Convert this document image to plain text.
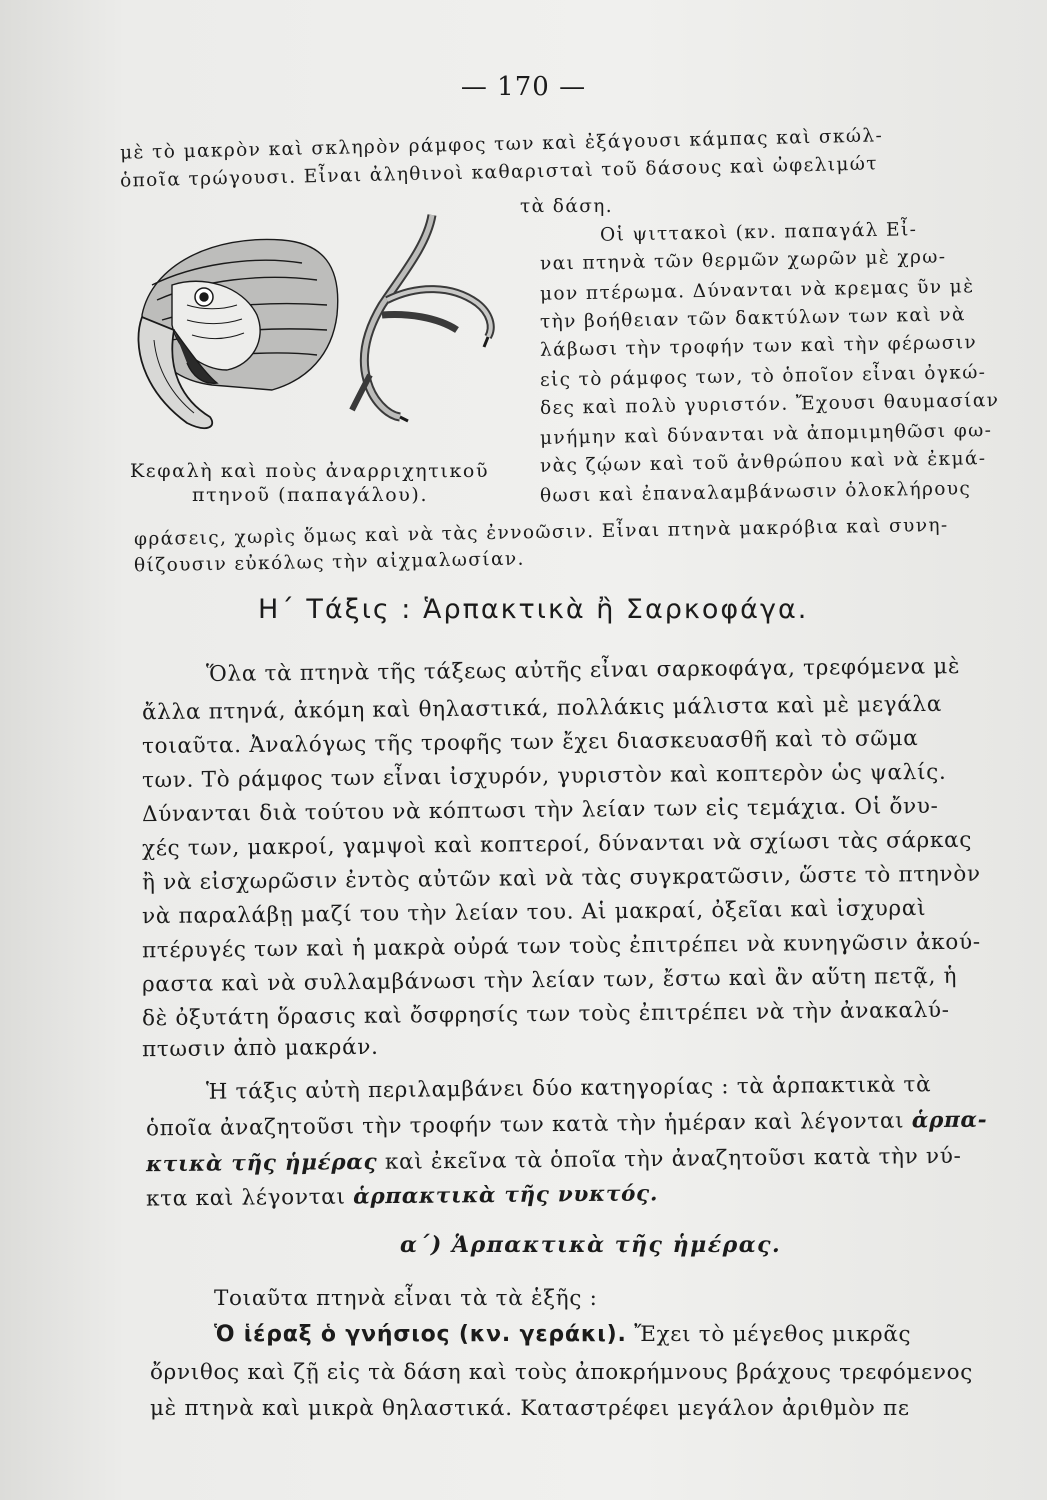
— 170 —
μὲ τὸ μακρὸν καὶ σκληρὸν ράμφος των καὶ ἐξάγουσι κάμπας καὶ σκώλ-
ὁποῖα τρώγουσι. Εἶναι ἀληθινοὶ καθαρισταὶ τοῦ δάσους καὶ ὠφελιμώτ
Κεφαλὴ καὶ ποὺς ἀναρριχητικοῦ
πτηνοῦ (παπαγάλου).
τὰ δάση.
Οἱ ψιττακοὶ (κν. παπαγάλ Εἶ-
ναι πτηνὰ τῶν θερμῶν χωρῶν μὲ χρω-
μον πτέρωμα. Δύνανται νὰ κρεμας ῦν μὲ
τὴν βοήθειαν τῶν δακτύλων των καὶ νὰ
λάβωσι τὴν τροφήν των καὶ τὴν φέρωσιν
εἰς τὸ ράμφος των, τὸ ὁποῖον εἶναι ὀγκώ-
δες καὶ πολὺ γυριστόν. Ἔχουσι θαυμασίαν
μνήμην καὶ δύνανται νὰ ἀπομιμηθῶσι φω-
νὰς ζῴων καὶ τοῦ ἀνθρώπου καὶ νὰ ἐκμά-
θωσι καὶ ἐπαναλαμβάνωσιν ὁλοκλήρους
φράσεις, χωρὶς ὅμως καὶ νὰ τὰς ἐννοῶσιν. Εἶναι πτηνὰ μακρόβια καὶ συνη-
θίζουσιν εὐκόλως τὴν αἰχμαλωσίαν.
Η΄ Τάξις : Ἁρπακτικὰ ἢ Σαρκοφάγα.
Ὅλα τὰ πτηνὰ τῆς τάξεως αὐτῆς εἶναι σαρκοφάγα, τρεφόμενα μὲ
ἄλλα πτηνά, ἀκόμη καὶ θηλαστικά, πολλάκις μάλιστα καὶ μὲ μεγάλα
τοιαῦτα. Ἀναλόγως τῆς τροφῆς των ἔχει διασκευασθῆ καὶ τὸ σῶμα
των. Τὸ ράμφος των εἶναι ἰσχυρόν, γυριστὸν καὶ κοπτερὸν ὡς ψαλίς.
Δύνανται διὰ τούτου νὰ κόπτωσι τὴν λείαν των εἰς τεμάχια. Οἱ ὄνυ-
χές των, μακροί, γαμψοὶ καὶ κοπτεροί, δύνανται νὰ σχίωσι τὰς σάρκας
ἢ νὰ εἰσχωρῶσιν ἐντὸς αὐτῶν καὶ νὰ τὰς συγκρατῶσιν, ὥστε τὸ πτηνὸν
νὰ παραλάβῃ μαζί του τὴν λείαν του. Αἱ μακραί, ὀξεῖαι καὶ ἰσχυραὶ
πτέρυγές των καὶ ἡ μακρὰ οὐρά των τοὺς ἐπιτρέπει νὰ κυνηγῶσιν ἀκού-
ραστα καὶ νὰ συλλαμβάνωσι τὴν λείαν των, ἔστω καὶ ἂν αὕτη πετᾷ, ἡ
δὲ ὀξυτάτη ὅρασις καὶ ὄσφρησίς των τοὺς ἐπιτρέπει νὰ τὴν ἀνακαλύ-
πτωσιν ἀπὸ μακράν.
Ἡ τάξις αὐτὴ περιλαμβάνει δύο κατηγορίας : τὰ ἁρπακτικὰ τὰ
ὁποῖα ἀναζητοῦσι τὴν τροφήν των κατὰ τὴν ἡμέραν καὶ λέγονται ἁρπα-
κτικὰ τῆς ἡμέρας καὶ ἐκεῖνα τὰ ὁποῖα τὴν ἀναζητοῦσι κατὰ τὴν νύ-
κτα καὶ λέγονται ἁρπακτικὰ τῆς νυκτός.
α΄) Ἁρπακτικὰ τῆς ἡμέρας.
Τοιαῦτα πτηνὰ εἶναι τὰ τὰ ἑξῆς :
Ὁ ἱέραξ ὁ γνήσιος (κν. γεράκι). Ἔχει τὸ μέγεθος μικρᾶς
ὄρνιθος καὶ ζῇ εἰς τὰ δάση καὶ τοὺς ἀποκρήμνους βράχους τρεφόμενος
μὲ πτηνὰ καὶ μικρὰ θηλαστικά. Καταστρέφει μεγάλον ἀριθμὸν πε
